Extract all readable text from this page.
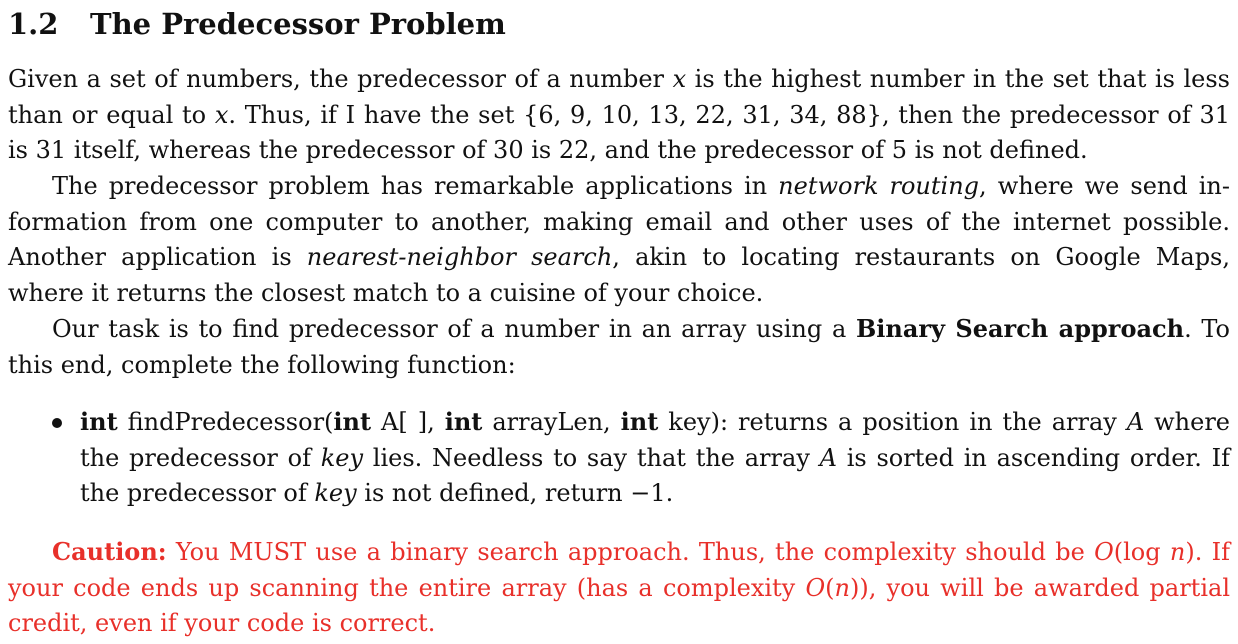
1.2 The Predecessor Problem

Given a set of numbers, the predecessor of a number x is the highest number in the set that is less than or equal to x. Thus, if I have the set {6, 9, 10, 13, 22, 31, 34, 88}, then the predecessor of 31 is 31 itself, whereas the predecessor of 30 is 22, and the predecessor of 5 is not defined.

The predecessor problem has remarkable applications in network routing, where we send information from one computer to another, making email and other uses of the internet possible. Another application is nearest-neighbor search, akin to locating restaurants on Google Maps, where it returns the closest match to a cuisine of your choice.

Our task is to find predecessor of a number in an array using a Binary Search approach. To this end, complete the following function:

int findPredecessor(int A[ ], int arrayLen, int key): returns a position in the array A where the predecessor of key lies. Needless to say that the array A is sorted in ascending order. If the predecessor of key is not defined, return −1.

Caution: You MUST use a binary search approach. Thus, the complexity should be O(log n). If your code ends up scanning the entire array (has a complexity O(n)), you will be awarded partial credit, even if your code is correct.
